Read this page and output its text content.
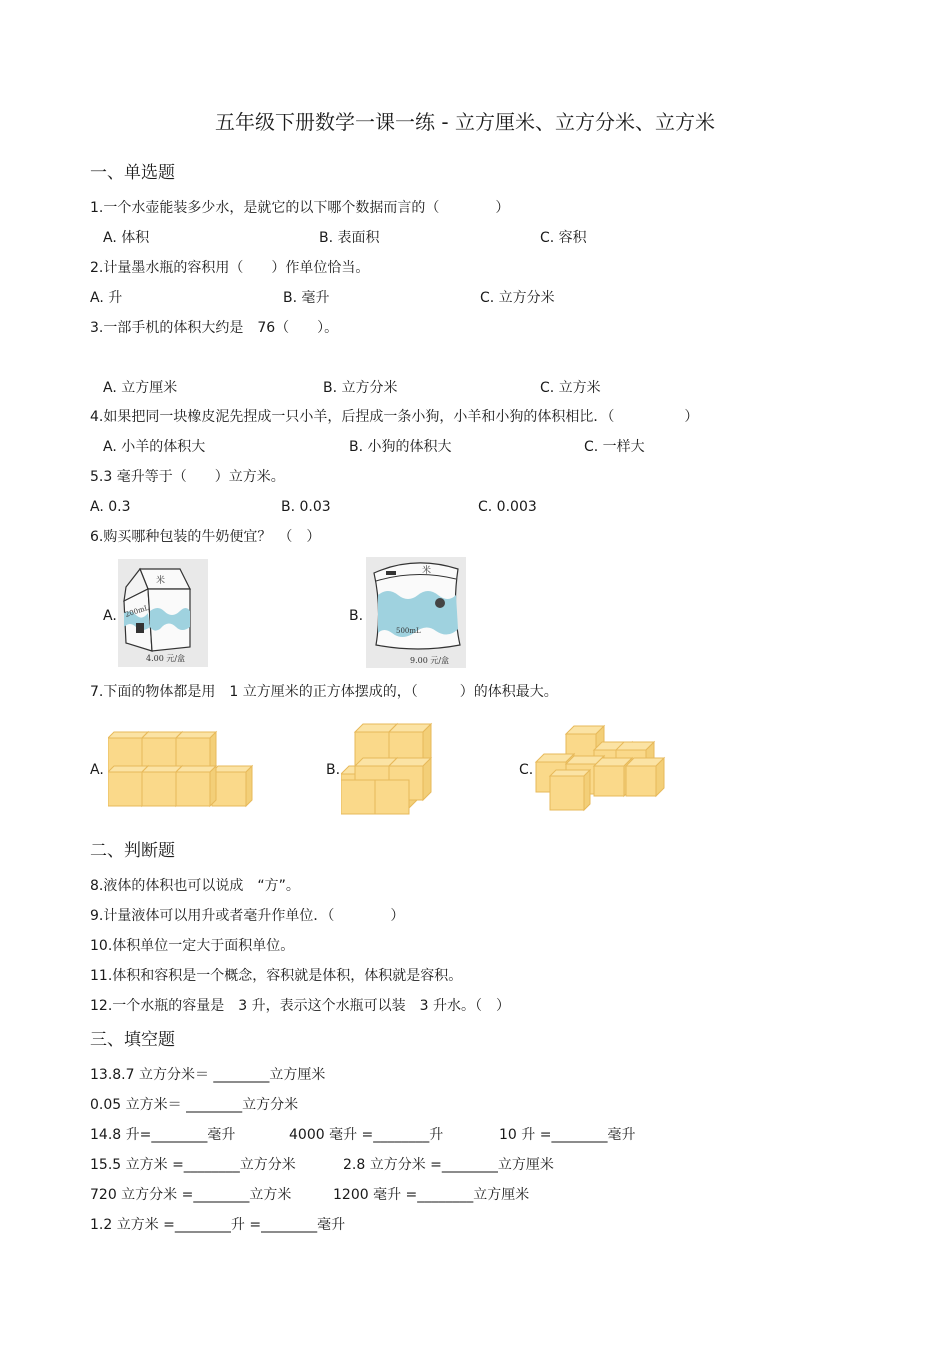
五年级下册数学一课一练 - 立方厘米、立方分米、立方米
一、单选题
1.一个水壶能装多少水，是就它的以下哪个数据而言的（　　　　）
A. 体积	B. 表面积	C. 容积
2.计量墨水瓶的容积用（　　）作单位恰当。
A. 升	B. 毫升	C. 立方分米
3.一部手机的体积大约是　76（　　）。
A. 立方厘米	B. 立方分米	C. 立方米
4.如果把同一块橡皮泥先捏成一只小羊，后捏成一条小狗，小羊和小狗的体积相比．（　　　　　）
A. 小羊的体积大	B. 小狗的体积大	C. 一样大
5.3 毫升等于（　　）立方米。
A. 0.3	B. 0.03	C. 0.003
6.购买哪种包装的牛奶便宜？　（　）
A.
米
200mL
4.00 元/盒
B.
米
500mL
9.00 元/盒
7.下面的物体都是用　1 立方厘米的正方体摆成的，（　　　）的体积最大。
A.	B.	C.
二、判断题
8.液体的体积也可以说成　“方”。
9.计量液体可以用升或者毫升作单位．（　　　　）
10.体积单位一定大于面积单位。
11.体积和容积是一个概念，容积就是体积，体积就是容积。
12.一个水瓶的容量是　3 升，表示这个水瓶可以装　3 升水。（　）
三、填空题
13.8.7 立方分米＝ ________立方厘米
0.05 立方米＝ ________立方分米
14.8 升=________毫升	4000 毫升 =________升	10 升 =________毫升
15.5 立方米 =________立方分米	2.8 立方分米 =________立方厘米
720 立方分米 =________立方米	1200 毫升 =________立方厘米
1.2 立方米 =________升 =________毫升
